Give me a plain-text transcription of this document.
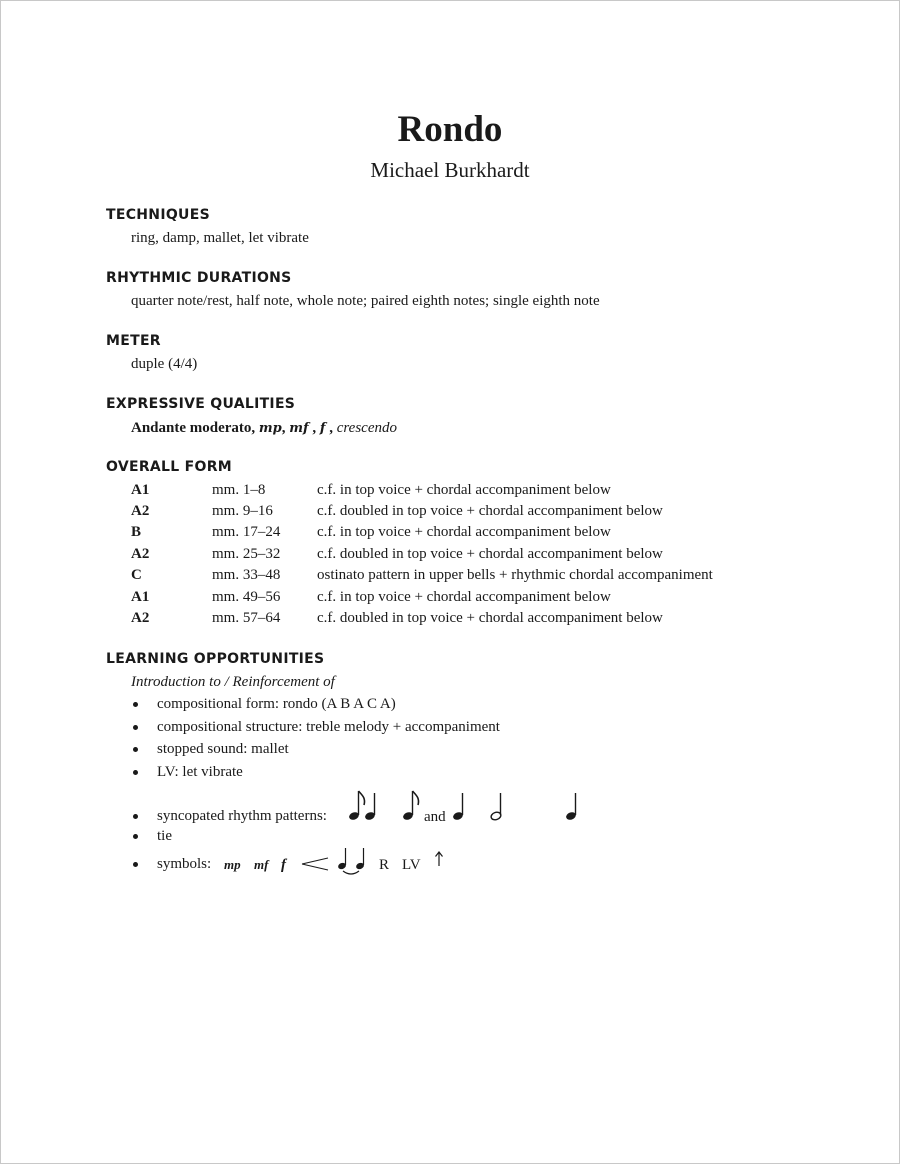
Rondo
Michael Burkhardt
TECHNIQUES
ring, damp, mallet, let vibrate
RHYTHMIC DURATIONS
quarter note/rest, half note, whole note; paired eighth notes; single eighth note
METER
duple (4/4)
EXPRESSIVE QUALITIES
Andante moderato, mp, mf , f , crescendo
OVERALL FORM
A1	mm. 1–8	c.f. in top voice + chordal accompaniment below
A2	mm. 9–16	c.f. doubled in top voice + chordal accompaniment below
B	mm. 17–24 c.f. in top voice + chordal accompaniment below
A2	mm. 25–32 c.f. doubled in top voice + chordal accompaniment below
C	mm. 33–48 ostinato pattern in upper bells + rhythmic chordal accompaniment
A1	mm. 49–56 c.f. in top voice + chordal accompaniment below
A2	mm. 57–64 c.f. doubled in top voice + chordal accompaniment below
LEARNING OPPORTUNITIES
Introduction to / Reinforcement of
compositional form: rondo (A B A C A)
compositional structure: treble melody + accompaniment
stopped sound: mallet
LV: let vibrate
syncopated rhythm patterns:	and
tie
symbols: mp mf f	R LV
